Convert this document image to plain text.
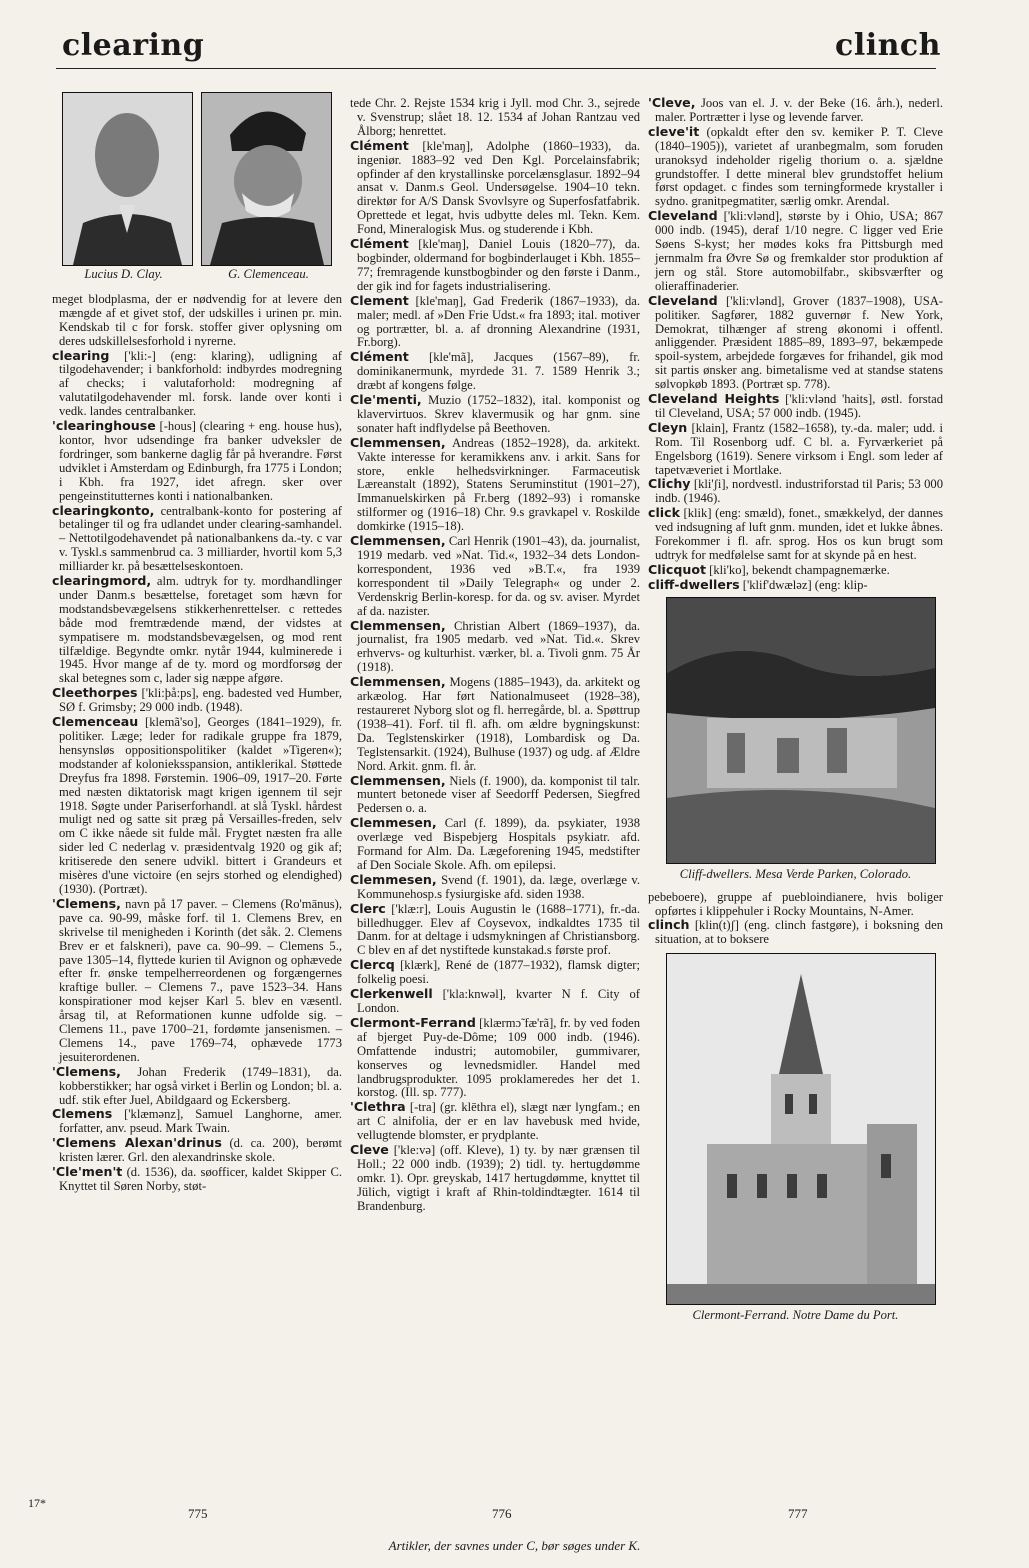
clearing	clinch
Lucius D. Clay.	G. Clemenceau.
meget blodplasma, der er nødvendig for at levere den mængde af et givet stof, der udskilles i urinen pr. min. Kendskab til c for forsk. stoffer giver oplysning om deres udskillelsesforhold i nyrerne.
clearing ['kli:-] (eng: klaring), udligning af tilgodehavender; i bankforhold: indbyrdes modregning af checks; i valutaforhold: modregning af valutatilgodehavender ml. forsk. lande over konti i vedk. landes centralbanker.
'clearinghouse [-hous] (clearing + eng. house hus), kontor, hvor udsendinge fra banker udveksler de fordringer, som bankerne daglig får på hverandre. Først udviklet i Amsterdam og Edinburgh, fra 1775 i London; i Kbh. fra 1927, idet afregn. sker over pengeinstitutternes konti i nationalbanken.
clearingkonto, centralbank-konto for postering af betalinger til og fra udlandet under clearing-samhandel. – Nettotilgodehavendet på nationalbankens da.-ty. c var v. Tyskl.s sammenbrud ca. 3 milliarder, hvortil kom 5,3 milliarder kr. på besættelseskontoen.
clearingmord, alm. udtryk for ty. mordhandlinger under Danm.s besættelse, foretaget som hævn for modstandsbevægelsens stikkerhenrettelser. c rettedes både mod fremtrædende mænd, der vidstes at sympatisere m. modstandsbevægelsen, og mod rent tilfældige. Begyndte omkr. nytår 1944, kulminerede i 1945. Hvor mange af de ty. mord og mordforsøg der skal betegnes som c, lader sig næppe afgøre.
Cleethorpes ['kli:þå:ps], eng. badested ved Humber, SØ f. Grimsby; 29 000 indb. (1948).
Clemenceau [klemã'so], Georges (1841–1929), fr. politiker. Læge; leder for radikale gruppe fra 1879, hensynsløs oppositionspolitiker (kaldet »Tigeren«); modstander af kolonieksspansion, antiklerikal. Støttede Dreyfus fra 1898. Førstemin. 1906–09, 1917–20. Førte med næsten diktatorisk magt krigen igennem til sejr 1918. Søgte under Pariserforhandl. at slå Tyskl. hårdest muligt ned og satte sit præg på Versailles-freden, selv om C ikke nåede sit fulde mål. Frygtet næsten fra alle sider led C nederlag v. præsidentvalg 1920 og gik af; kritiserede den senere udvikl. bittert i Grandeurs et misères d'une victoire (en sejrs storhed og elendighed) (1930). (Portræt).
'Clemens, navn på 17 paver. – Clemens (Ro'mānus), pave ca. 90-99, måske forf. til 1. Clemens Brev, en skrivelse til menigheden i Korinth (det såk. 2. Clemens Brev er et falskneri), pave ca. 90–99. – Clemens 5., pave 1305–14, flyttede kurien til Avignon og ophævede efter fr. ønske tempelherreordenen og forgængernes kraftige buller. – Clemens 7., pave 1523–34. Hans konspirationer mod kejser Karl 5. blev en væsentl. årsag til, at Reformationen kunne udfolde sig. – Clemens 11., pave 1700–21, fordømte jansenismen. – Clemens 14., pave 1769–74, ophævede 1773 jesuiterordenen.
'Clemens, Johan Frederik (1749–1831), da. kobberstikker; har også virket i Berlin og London; bl. a. udf. stik efter Juel, Abildgaard og Eckersberg.
Clemens ['klæmənz], Samuel Langhorne, amer. forfatter, anv. pseud. Mark Twain.
'Clemens Alexan'drinus (d. ca. 200), berømt kristen lærer. Grl. den alexandrinske skole.
'Cle'men't (d. 1536), da. søofficer, kaldet Skipper C. Knyttet til Søren Norby, støt-
tede Chr. 2. Rejste 1534 krig i Jyll. mod Chr. 3., sejrede v. Svenstrup; slået 18. 12. 1534 af Johan Rantzau ved Ålborg; henrettet.
Clément [kle'maŋ], Adolphe (1860–1933), da. ingeniør. 1883–92 ved Den Kgl. Porcelainsfabrik; opfinder af den krystallinske porcelænsglasur. 1892–94 ansat v. Danm.s Geol. Undersøgelse. 1904–10 tekn. direktør for A/S Dansk Svovlsyre og Superfosfatfabrik. Oprettede et legat, hvis udbytte deles ml. Tekn. Kem. Fond, Mineralogisk Mus. og studerende i Kbh.
Clément [kle'maŋ], Daniel Louis (1820–77), da. bogbinder, oldermand for bogbinderlauget i Kbh. 1855–77; fremragende kunstbogbinder og den første i Danm., der gik ind for fagets industrialisering.
Clement [kle'maŋ], Gad Frederik (1867–1933), da. maler; medl. af »Den Frie Udst.« fra 1893; ital. motiver og portrætter, bl. a. af dronning Alexandrine (1931, Fr.borg).
Clément [kle'mã], Jacques (1567–89), fr. dominikanermunk, myrdede 31. 7. 1589 Henrik 3.; dræbt af kongens følge.
Cle'menti, Muzio (1752–1832), ital. komponist og klavervirtuos. Skrev klavermusik og har gnm. sine sonater haft indflydelse på Beethoven.
Clemmensen, Andreas (1852–1928), da. arkitekt. Vakte interesse for keramikkens anv. i arkit. Sans for store, enkle helhedsvirkninger. Farmaceutisk Læreanstalt (1892), Statens Seruminstitut (1901–27), Immanuelskirken på Fr.berg (1892–93) i romanske stilformer og (1916–18) Chr. 9.s gravkapel v. Roskilde domkirke (1915–18).
Clemmensen, Carl Henrik (1901–43), da. journalist, 1919 medarb. ved »Nat. Tid.«, 1932–34 dets London-korrespondent, 1936 ved »B.T.«, fra 1939 korrespondent til »Daily Telegraph« og under 2. Verdenskrig Berlin-koresp. for da. og sv. aviser. Myrdet af da. nazister.
Clemmensen, Christian Albert (1869–1937), da. journalist, fra 1905 medarb. ved »Nat. Tid.«. Skrev erhvervs- og kulturhist. værker, bl. a. Tivoli gnm. 75 År (1918).
Clemmensen, Mogens (1885–1943), da. arkitekt og arkæolog. Har ført Nationalmuseet (1928–38), restaureret Nyborg slot og fl. herregårde, bl. a. Spøttrup (1938–41). Forf. til fl. afh. om ældre bygningskunst: Da. Teglstenskirker (1918), Lombardisk og Da. Teglstensarkit. (1924), Bulhuse (1937) og udg. af Ældre Nord. Arkit. gnm. fl. år.
Clemmensen, Niels (f. 1900), da. komponist til talr. muntert betonede viser af Seedorff Pedersen, Siegfred Pedersen o. a.
Clemmesen, Carl (f. 1899), da. psykiater, 1938 overlæge ved Bispebjerg Hospitals psykiatr. afd. Formand for Alm. Da. Lægeforening 1945, medstifter af Den Sociale Skole. Afh. om epilepsi.
Clemmesen, Svend (f. 1901), da. læge, overlæge v. Kommunehosp.s fysiurgiske afd. siden 1938.
Clerc ['klæ:r], Louis Augustin le (1688–1771), fr.-da. billedhugger. Elev af Coysevox, indkaldtes 1735 til Danm. for at deltage i udsmykningen af Christiansborg. C blev en af det nystiftede kunstakad.s første prof.
Clercq [klærk], René de (1877–1932), flamsk digter; folkelig poesi.
Clerkenwell ['kla:knwəl], kvarter N f. City of London.
Clermont-Ferrand [klærmɔ̃ fæ'rã], fr. by ved foden af bjerget Puy-de-Dôme; 109 000 indb. (1946). Omfattende industri; automobiler, gummivarer, konserves og levnedsmidler. Handel med landbrugsprodukter. 1095 proklameredes her det 1. korstog. (Ill. sp. 777).
'Clethra [-tra] (gr. klēthra el), slægt nær lyngfam.; en art C alnifolia, der er en lav havebusk med hvide, vellugtende blomster, er prydplante.
Cleve ['kle:və] (off. Kleve), 1) ty. by nær grænsen til Holl.; 22 000 indb. (1939); 2) tidl. ty. hertugdømme omkr. 1). Opr. greyskab, 1417 hertugdømme, knyttet til Jülich, vigtigt i kraft af Rhin-toldindtægter. 1614 til Brandenburg.
'Cleve, Joos van el. J. v. der Beke (16. årh.), nederl. maler. Portrætter i lyse og levende farver.
cleve'it (opkaldt efter den sv. kemiker P. T. Cleve (1840–1905)), varietet af uranbegmalm, som foruden uranoksyd indeholder rigelig thorium o. a. sjældne grundstoffer. I dette mineral blev grundstoffet helium først opdaget. c findes som terningformede krystaller i sydno. granitpegmatiter, særlig omkr. Arendal.
Cleveland ['kli:vlənd], største by i Ohio, USA; 867 000 indb. (1945), deraf 1/10 negre. C ligger ved Erie Søens S-kyst; her mødes koks fra Pittsburgh med jernmalm fra Øvre Sø og fremkalder stor produktion af jern og stål. Store automobilfabr., skibsværfter og olieraffinaderier.
Cleveland ['kli:vlənd], Grover (1837–1908), USA-politiker. Sagfører, 1882 guvernør f. New York, Demokrat, tilhænger af streng økonomi i offentl. anliggender. Præsident 1885–89, 1893–97, bekæmpede spoil-system, arbejdede forgæves for frihandel, gik mod sit partis ønsker ang. bimetalisme ved at standse statens sølvopkøb 1893. (Portræt sp. 778).
Cleveland Heights ['kli:vlənd 'haits], østl. forstad til Cleveland, USA; 57 000 indb. (1945).
Cleyn [klain], Frantz (1582–1658), ty.-da. maler; udd. i Rom. Til Rosenborg udf. C bl. a. Fyrværkeriet på Engelsborg (1619). Senere virksom i Engl. som leder af tapetvæveriet i Mortlake.
Clichy [kli'ʃi], nordvestl. industriforstad til Paris; 53 000 indb. (1946).
click [klik] (eng: smæld), fonet., smækkelyd, der dannes ved indsugning af luft gnm. munden, idet et lukke åbnes. Forekommer i fl. afr. sprog. Hos os kun brugt som udtryk for medfølelse samt for at skynde på en hest.
Clicquot [kli'ko], bekendt champagnemærke.
cliff-dwellers ['klif'dwæləz] (eng: klip-
Cliff-dwellers. Mesa Verde Parken, Colorado.
pebeboere), gruppe af puebloindianere, hvis boliger opførtes i klippehuler i Rocky Mountains, N-Amer.
clinch [klin(t)ʃ] (eng. clinch fastgøre), i boksning den situation, at to boksere
Clermont-Ferrand. Notre Dame du Port.
17*
775	776	777
Artikler, der savnes under C, bør søges under K.
